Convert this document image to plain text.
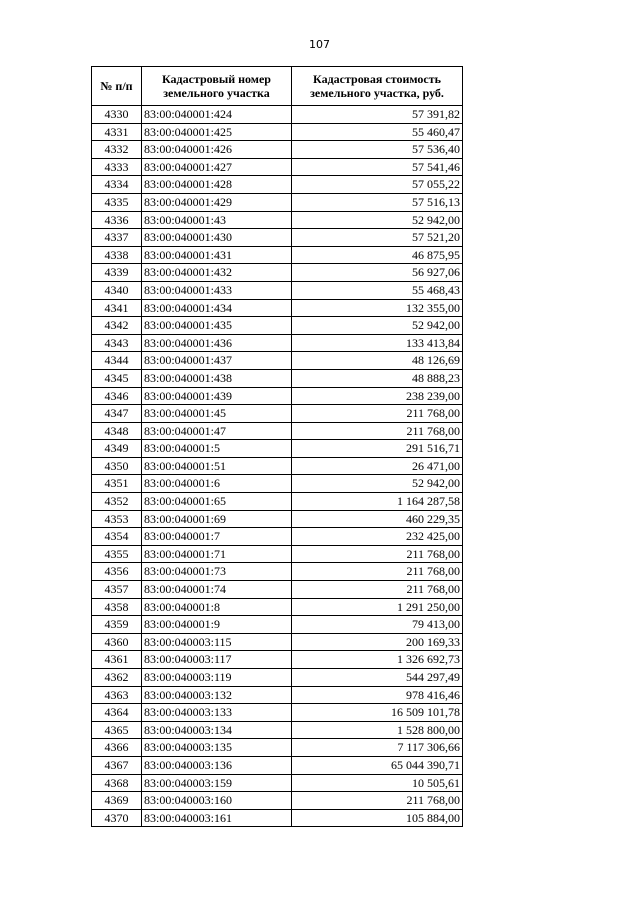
107
№ п/п	Кадастровый номер земельного участка	Кадастровая стоимость земельного участка, руб.
4330	83:00:040001:424	57 391,82
4331	83:00:040001:425	55 460,47
4332	83:00:040001:426	57 536,40
4333	83:00:040001:427	57 541,46
4334	83:00:040001:428	57 055,22
4335	83:00:040001:429	57 516,13
4336	83:00:040001:43	52 942,00
4337	83:00:040001:430	57 521,20
4338	83:00:040001:431	46 875,95
4339	83:00:040001:432	56 927,06
4340	83:00:040001:433	55 468,43
4341	83:00:040001:434	132 355,00
4342	83:00:040001:435	52 942,00
4343	83:00:040001:436	133 413,84
4344	83:00:040001:437	48 126,69
4345	83:00:040001:438	48 888,23
4346	83:00:040001:439	238 239,00
4347	83:00:040001:45	211 768,00
4348	83:00:040001:47	211 768,00
4349	83:00:040001:5	291 516,71
4350	83:00:040001:51	26 471,00
4351	83:00:040001:6	52 942,00
4352	83:00:040001:65	1 164 287,58
4353	83:00:040001:69	460 229,35
4354	83:00:040001:7	232 425,00
4355	83:00:040001:71	211 768,00
4356	83:00:040001:73	211 768,00
4357	83:00:040001:74	211 768,00
4358	83:00:040001:8	1 291 250,00
4359	83:00:040001:9	79 413,00
4360	83:00:040003:115	200 169,33
4361	83:00:040003:117	1 326 692,73
4362	83:00:040003:119	544 297,49
4363	83:00:040003:132	978 416,46
4364	83:00:040003:133	16 509 101,78
4365	83:00:040003:134	1 528 800,00
4366	83:00:040003:135	7 117 306,66
4367	83:00:040003:136	65 044 390,71
4368	83:00:040003:159	10 505,61
4369	83:00:040003:160	211 768,00
4370	83:00:040003:161	105 884,00
